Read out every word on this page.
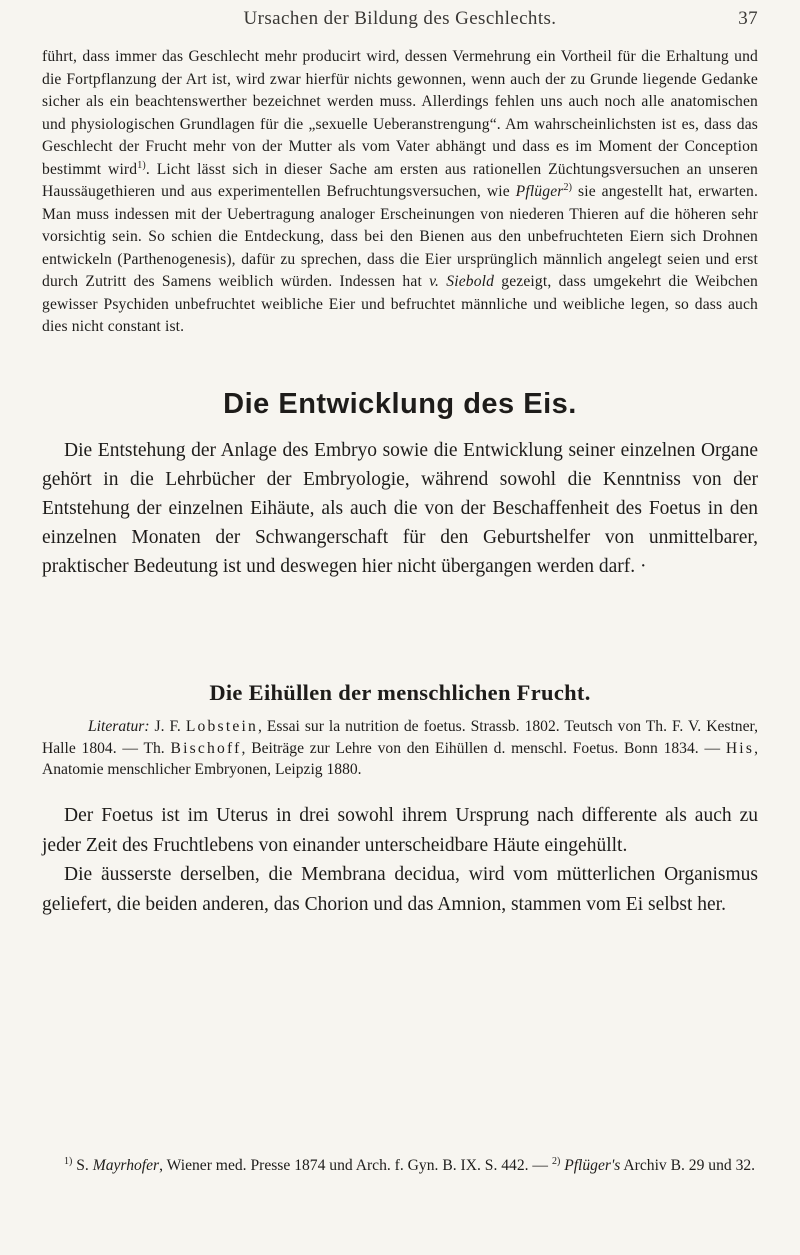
Ursachen der Bildung des Geschlechts.	37

führt, dass immer das Geschlecht mehr producirt wird, dessen Vermehrung ein Vortheil für die Erhaltung und die Fortpflanzung der Art ist, wird zwar hierfür nichts gewonnen, wenn auch der zu Grunde liegende Gedanke sicher als ein beachtenswerther bezeichnet werden muss. Allerdings fehlen uns auch noch alle anatomischen und physiologischen Grundlagen für die „sexuelle Ueberanstrengung“. Am wahrscheinlichsten ist es, dass das Geschlecht der Frucht mehr von der Mutter als vom Vater abhängt und dass es im Moment der Conception bestimmt wird$^{1)}$. Licht lässt sich in dieser Sache am ersten aus rationellen Züchtungsversuchen an unseren Haussäugethieren und aus experimentellen Befruchtungsversuchen, wie Pflüger$^{2)}$ sie angestellt hat, erwarten. Man muss indessen mit der Uebertragung analoger Erscheinungen von niederen Thieren auf die höheren sehr vorsichtig sein. So schien die Entdeckung, dass bei den Bienen aus den unbefruchteten Eiern sich Drohnen entwickeln (Parthenogenesis), dafür zu sprechen, dass die Eier ursprünglich männlich angelegt seien und erst durch Zutritt des Samens weiblich würden. Indessen hat v. Siebold gezeigt, dass umgekehrt die Weibchen gewisser Psychiden unbefruchtet weibliche Eier und befruchtet männliche und weibliche legen, so dass auch dies nicht constant ist.

Die Entwicklung des Eis.

Die Entstehung der Anlage des Embryo sowie die Entwicklung seiner einzelnen Organe gehört in die Lehrbücher der Embryologie, während sowohl die Kenntniss von der Entstehung der einzelnen Eihäute, als auch die von der Beschaffenheit des Foetus in den einzelnen Monaten der Schwangerschaft für den Geburtshelfer von unmittelbarer, praktischer Bedeutung ist und deswegen hier nicht übergangen werden darf. ·

Die Eihüllen der menschlichen Frucht.

Literatur: J. F. Lobstein, Essai sur la nutrition de foetus. Strassb. 1802. Teutsch von Th. F. V. Kestner, Halle 1804. — Th. Bischoff, Beiträge zur Lehre von den Eihüllen d. menschl. Foetus. Bonn 1834. — His, Anatomie menschlicher Embryonen, Leipzig 1880.

Der Foetus ist im Uterus in drei sowohl ihrem Ursprung nach differente als auch zu jeder Zeit des Fruchtlebens von einander unterscheidbare Häute eingehüllt.

Die äusserste derselben, die Membrana decidua, wird vom mütterlichen Organismus geliefert, die beiden anderen, das Chorion und das Amnion, stammen vom Ei selbst her.

$^{1)}$ S. Mayrhofer, Wiener med. Presse 1874 und Arch. f. Gyn. B. IX. S. 442. — $^{2)}$ Pflüger's Archiv B. 29 und 32.
